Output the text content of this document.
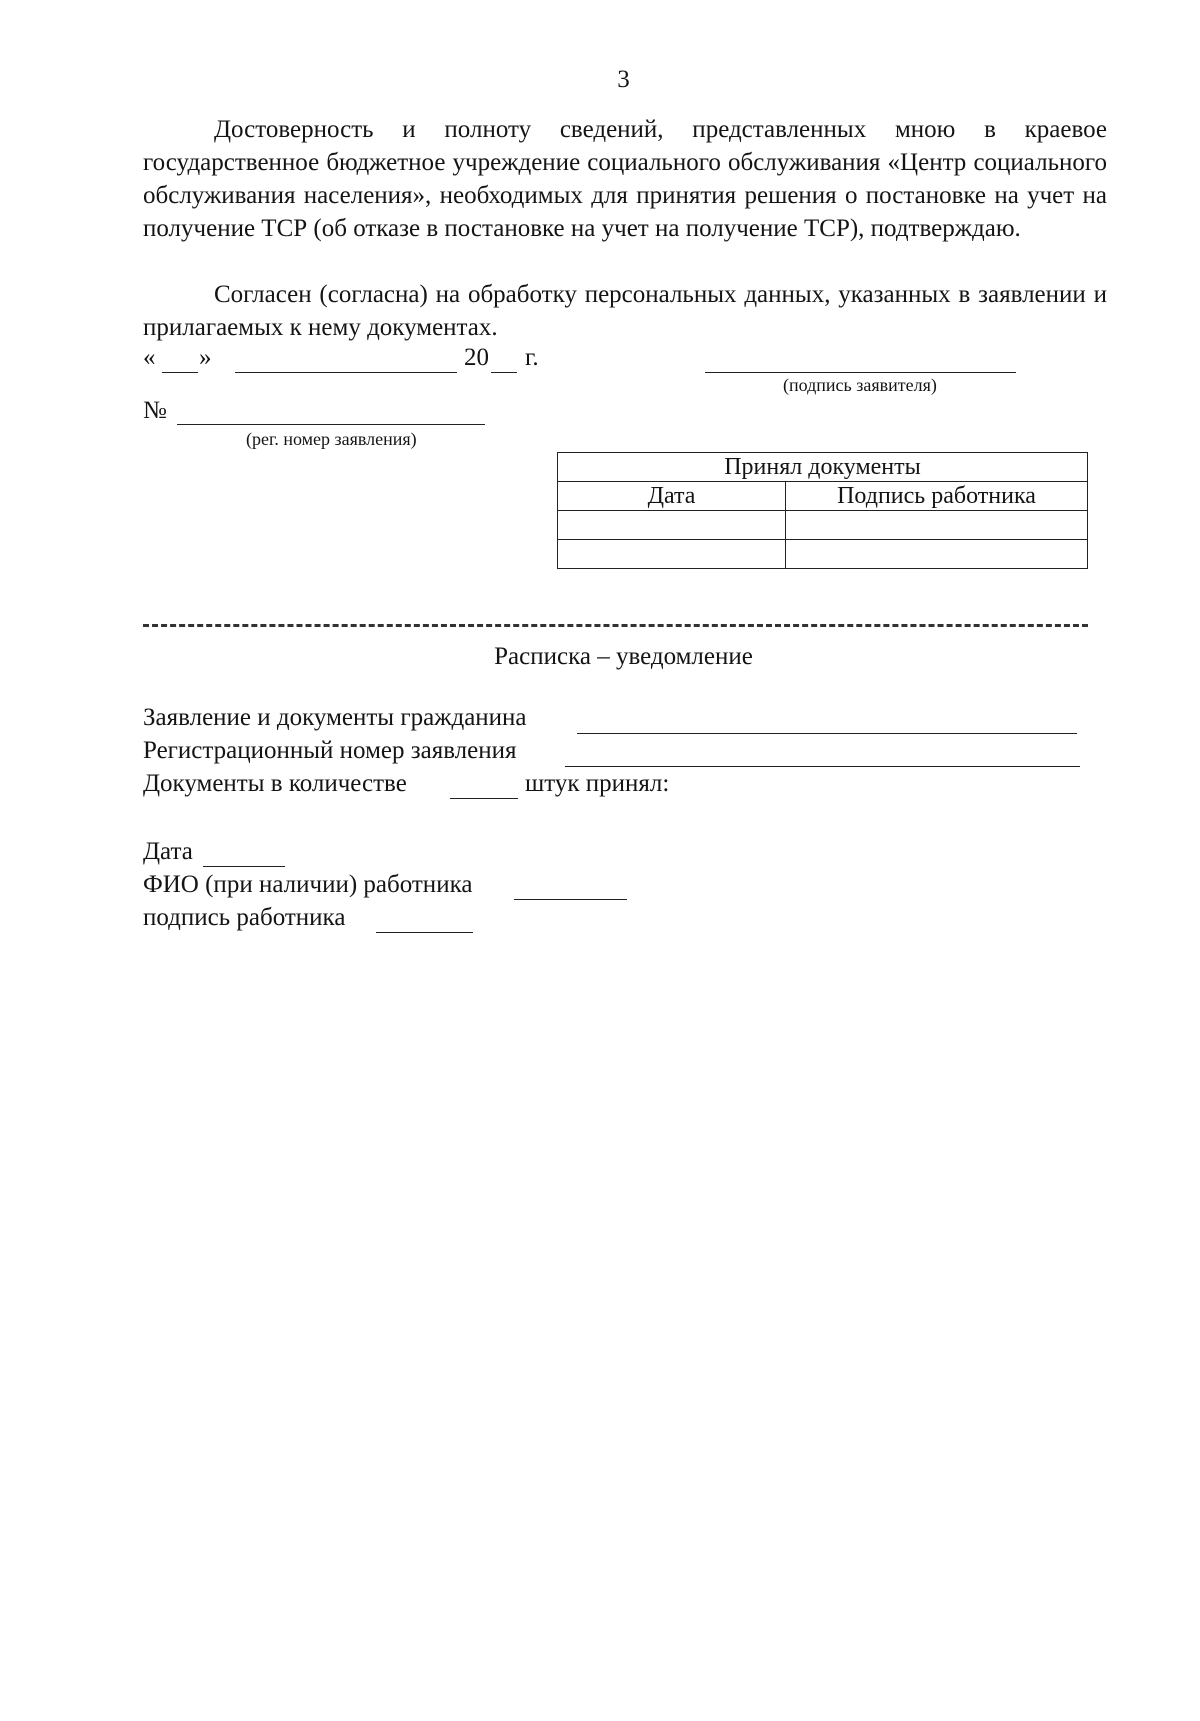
3
Достоверность и полноту сведений, представленных мною в краевое государственное бюджетное учреждение социального обслуживания «Центр социального обслуживания населения», необходимых для принятия решения о постановке на учет на получение ТСР (об отказе в постановке на учет на получение ТСР), подтверждаю.
Согласен (согласна) на обработку персональных данных, указанных в заявлении и прилагаемых к нему документах.
« »	20 г.
(подпись заявителя)
№
(рег. номер заявления)
Принял документы	
Дата	Подпись работника

Расписка – уведомление
Заявление и документы гражданина
Регистрационный номер заявления
Документы в количестве	штук принял:
Дата
ФИО (при наличии) работника
подпись работника
